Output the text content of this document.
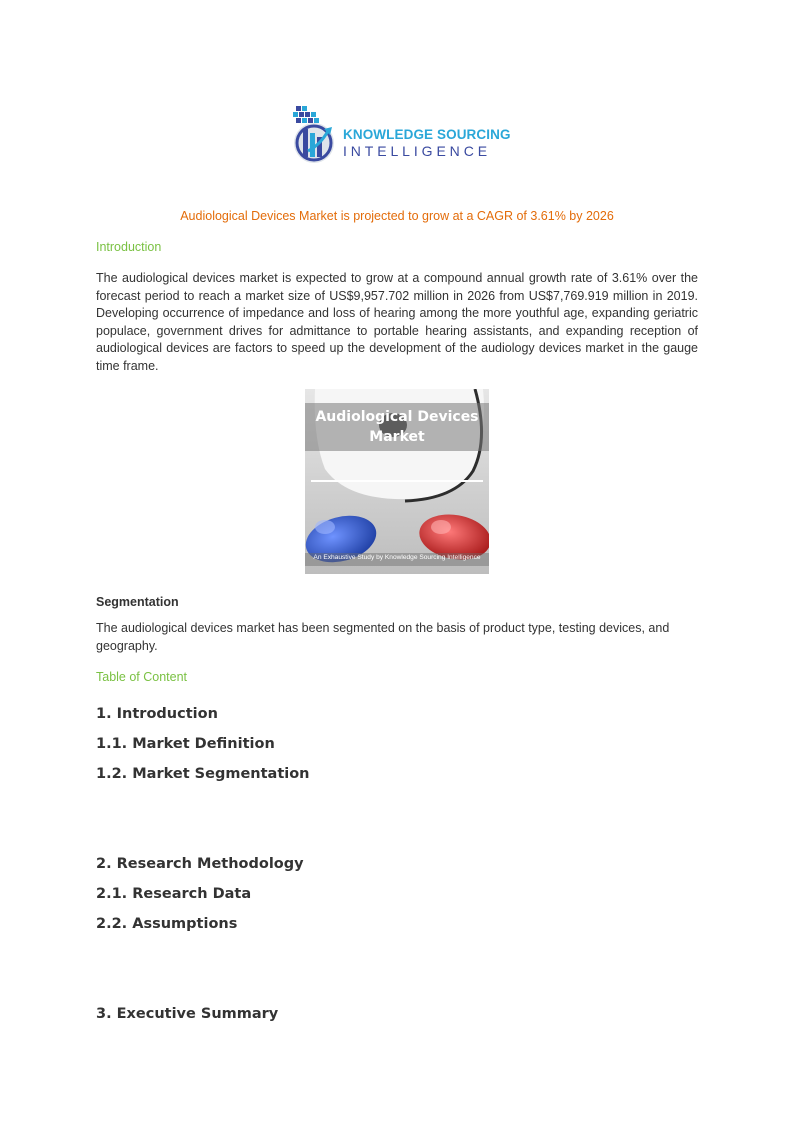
KNOWLEDGE SOURCING
INTELLIGENCE
Audiological Devices Market is projected to grow at a CAGR of 3.61% by 2026
Introduction
The audiological devices market is expected to grow at a compound annual growth rate of 3.61% over the forecast period to reach a market size of US$9,957.702 million in 2026 from US$7,769.919 million in 2019. Developing occurrence of impedance and loss of hearing among the more youthful age, expanding geriatric populace, government drives for admittance to portable hearing assistants, and expanding reception of audiological devices are factors to speed up the development of the audiology devices market in the gauge time frame.
Audiological Devices
Market
An Exhaustive Study by Knowledge Sourcing Intelligence
Segmentation
The audiological devices market has been segmented on the basis of product type, testing devices, and geography.
Table of Content
1. Introduction
1.1. Market Definition
1.2. Market Segmentation
2. Research Methodology
2.1. Research Data
2.2. Assumptions
3. Executive Summary
